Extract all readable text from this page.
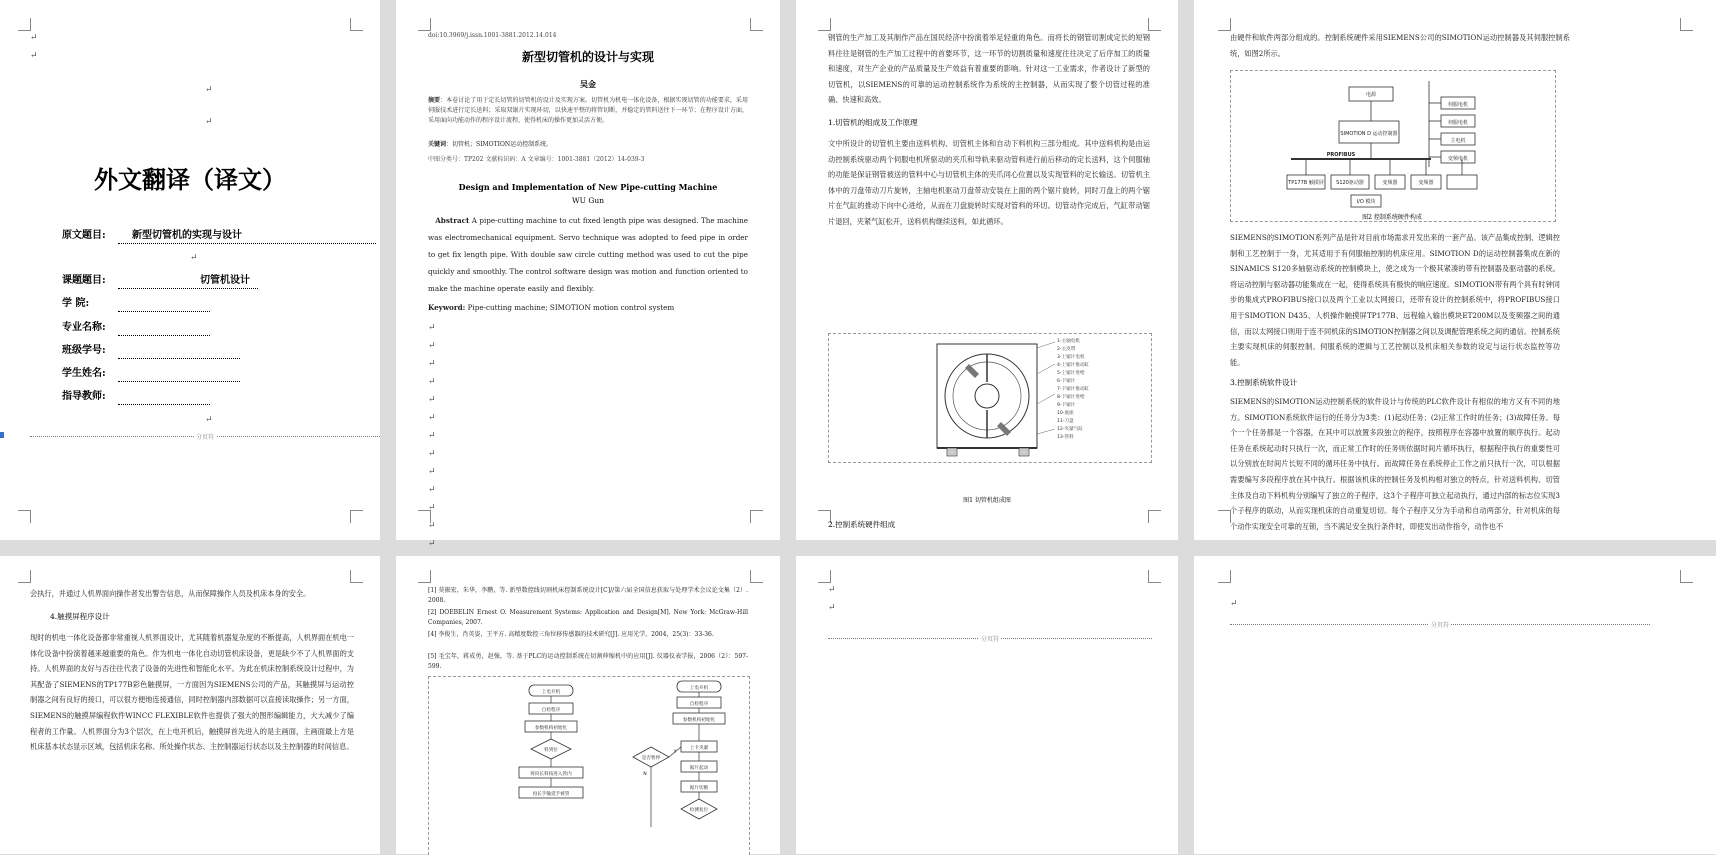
↵
↵
↵
↵
外文翻译（译文）
原文题目:	新型切管机的实现与设计
↵
课题题目:	切管机设计
学 院:
专业名称:
班级学号:
学生姓名:
指导教师:
↵
分页符
doi:10.3969/j.issn.1001-3881.2012.14.014
新型切管机的设计与实现
吴金
摘要：本卷讨论了用于定长切管的切管机的设计及实现方案。切管机为机电一体化设备，根据实现切管的功能要求，采用伺服技术进行定长送料；采取双锯片实现环切，以快速平整的将管切断，并稳定的管料送往下一环节；在程序设计方面，采用面向功能动作的程序设计流程，使得机床的操作更加灵活方便。
关键词：切管机；SIMOTION运动控制系统。
中图分类号：TP202 文献标识码：A 文章编号：1001-3881（2012）14-039-3
Design and Implementation of New Pipe-cutting Machine
WU Gun
Abstract A pipe-cutting machine to cut fixed length pipe was designed. The machine was electromechanical equipment. Servo technique was adopted to feed pipe in order to get fix length pipe. With double saw circle cutting method was used to cut the pipe quickly and smoothly. The control software design was motion and function oriented to make the machine operate easily and flexibly.
Keyword: Pipe-cutting machine; SIMOTION motion control system
↵

↵

↵

↵

↵

↵

↵

↵

↵

↵

↵

↵

↵

钢管的生产加工及其制作产品在国民经济中扮演着举足轻重的角色。而将长的钢管切割成定长的短钢料往往是钢管的生产加工过程中的首要环节，这一环节的切割质量和速度往往决定了后序加工的质量和速度，对生产企业的产品质量及生产效益有着重要的影响。针对这一工业需求，作者设计了新型的切管机，以SIEMENS的可靠的运动控制系统作为系统的主控制器，从而实现了整个切管过程的准确、快速和高效。
1.切管机的组成及工作原理
文中所设计的切管机主要由送料机构、切管机主体和自动下料机构三部分组成。其中送料机构是由运动控制系统驱动两个伺服电机所驱动的夹爪和导轨来驱动管料进行前后移动的定长送料，这个伺服轴的功能是保证钢管被送的管料中心与切管机主体的夹爪同心位置以及实现管料的定长输送。切管机主体中的刀盘带动刀片旋转，主轴电机驱动刀盘带动安装在上面的两个锯片旋转，同时刀盘上的两个锯片在气缸的推动下向中心进给，从而在刀盘旋转时实现对管料的环切。切管动作完成后，气缸带动锯片退回，夹紧气缸松开，送料机构继续送料，如此循环。
1-主轴电机
2-主皮带
3-上锯片电机
4-上锯片推动缸
5-上锯片进给
6-下锯片
7-下锯片推动缸
8-下锯片进给
9-下锯片
10-底座
11-刀盘
12-夹紧气缸
13-管料
图1 切管机组成图
2.控制系统硬件组成
由硬件和软件两部分组成的。控制系统硬件采用SIEMENS公司的SIMOTION运动控制器及其伺服控制系统，如图2所示。
电源
SIMOTION D 运动控制器
PROFIBUS
TP177B 触摸屏 S120驱动器	变频器	变频器
I/O 模块
伺服电机
伺服电机
主电机
变频电机
图2 控制系统硬件构成
SIEMENS的SIMOTION系列产品是针对目前市场需求开发出来的一套产品。该产品集成控制、逻辑控制和工艺控制于一身，尤其适用于有伺服轴控制的机床应用。SIMOTION D的运动控制器集成在新的SINAMICS S120多轴驱动系统的控制模块上，使之成为一个极其紧凑的带有控制器及驱动器的系统。将运动控制与驱动器功能集成在一起，使得系统具有极快的响应速度。SIMOTION带有两个具有时钟同步的集成式PROFIBUS接口以及两个工业以太网接口，还带有设计的控制系统中，将PROFIBUS接口用于SIMOTION D435、人机操作触摸屏TP177B、远程输入输出模块ET200M以及变频器之间的通信，而以太网接口则用于连不同机床的SIMOTION控制器之间以及调配管理系统之间的通信。控制系统主要实现机床的伺服控制、伺服系统的逻辑与工艺控制以及机床相关参数的设定与运行状态监控等功能。
3.控制系统软件设计
SIEMENS的SIMOTION运动控制系统的软件设计与传统的PLC软件设计有相似的地方又有不同的地方。SIMOTION系统软件运行的任务分为3类：(1)起动任务；(2)正常工作时的任务；(3)故障任务。每个一个任务都是一个容器，在其中可以放置多段独立的程序，按照程序在容器中放置的顺序执行。起动任务在系统起动时只执行一次，而正常工作时的任务则依据时间片循环执行，根据程序执行的重要性可以分别放在时间片长短不同的循环任务中执行。而故障任务在系统停止工作之前只执行一次，可以根据需要编写多段程序放在其中执行。根据该机床的控制任务及机构相对独立的特点，针对送料机构、切管主体及自动下料机构分别编写了独立的子程序，这3个子程序可独立起动执行，通过内部的标志位实现3个子程序的联动，从而实现机床的自动重复切切。每个子程序又分为手动和自动两部分，针对机床的每个动作实现安全可靠的互锁，当不满足安全执行条件时，即使发出动作指令，动作也不
会执行，并通过人机界面向操作者发出警告信息，从而保障操作人员及机床本身的安全。
4.触摸屏程序设计
现时的机电一体化设备都非常重视人机界面设计，尤其随着机器复杂度的不断提高，人机界面在机电一体化设备中扮演着越来越重要的角色。作为机电一体化自动切管机床设备，更是缺少不了人机界面的支持。人机界面的友好与否往往代表了设备的先进性和智能化水平。为此在机床控制系统设计过程中，为其配备了SIEMENS的TP177B彩色触摸屏，一方面因为SIEMENS公司的产品，其触摸屏与运动控制器之间有良好的接口，可以很方便地连接通信，同时控制器内部数据可以直接读取操作；另一方面，SIEMENS的触摸屏编程软件WINCC FLEXIBLE软件也提供了强大的图形编辑能力，大大减少了编程者的工作量。人机界面分为3个层次，在上电开机后，触摸屏首先进入的是主画面，主画面最上方是机床基本状态显示区域，包括机床名称、所处操作状态、主控制器运行状态以及主控制器的时间信息。
[1] 莫振宏，朱华，李鹏，等. 新型数控线切割机床控制系统设计[C]//第六届全国信息获取与处理学术会议论文集（2）. 2008.
[2] DOEBELIN Ernest O. Measurement Systems: Application and Design[M]. New York: McGraw-Hill Companies, 2007.
[4] 李俊生，肖英姿，王平方. 高精度数控三角位移传感器的技术研究[J]. 应用光学，2004，25(3)：33-36.
[5] 毛宝年，蒋成勇，赵强，等. 基于PLC的运动控制系统在切割伸缩机中的应用[J]. 仪器仪表学报，2006（2）：597-599.
上电开机
自检程序
参数机构初始化
料到位
将向长料按进入管内
再长手输延手被管
上电开机
自检程序
参数机构初始化
是否暂停
上卡夹紧
锯片起动
锯片切断
检测复位
Y
N
↵
↵
分页符
↵
分页符
